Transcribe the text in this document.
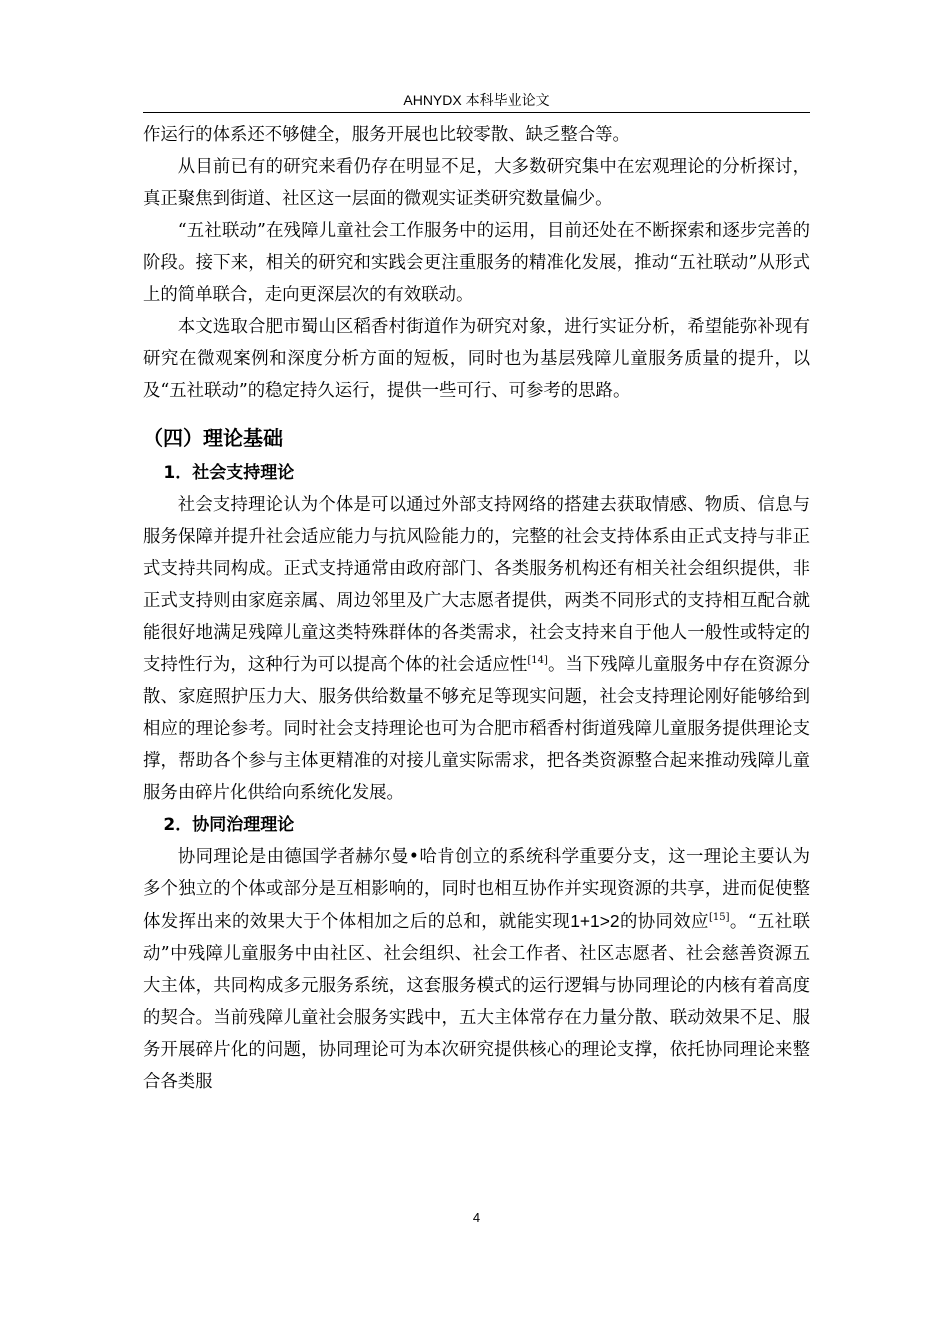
AHNYDX 本科毕业论文

作运行的体系还不够健全，服务开展也比较零散、缺乏整合等。

从目前已有的研究来看仍存在明显不足，大多数研究集中在宏观理论的分析探讨，真正聚焦到街道、社区这一层面的微观实证类研究数量偏少。

“五社联动”在残障儿童社会工作服务中的运用，目前还处在不断探索和逐步完善的阶段。接下来，相关的研究和实践会更注重服务的精准化发展，推动“五社联动”从形式上的简单联合，走向更深层次的有效联动。

本文选取合肥市蜀山区稻香村街道作为研究对象，进行实证分析，希望能弥补现有研究在微观案例和深度分析方面的短板，同时也为基层残障儿童服务质量的提升，以及“五社联动”的稳定持久运行，提供一些可行、可参考的思路。

（四）理论基础
1．社会支持理论

社会支持理论认为个体是可以通过外部支持网络的搭建去获取情感、物质、信息与服务保障并提升社会适应能力与抗风险能力的，完整的社会支持体系由正式支持与非正式支持共同构成。正式支持通常由政府部门、各类服务机构还有相关社会组织提供，非正式支持则由家庭亲属、周边邻里及广大志愿者提供，两类不同形式的支持相互配合就能很好地满足残障儿童这类特殊群体的各类需求，社会支持来自于他人一般性或特定的支持性行为，这种行为可以提高个体的社会适应性[14]。当下残障儿童服务中存在资源分散、家庭照护压力大、服务供给数量不够充足等现实问题，社会支持理论刚好能够给到相应的理论参考。同时社会支持理论也可为合肥市稻香村街道残障儿童服务提供理论支撑，帮助各个参与主体更精准的对接儿童实际需求，把各类资源整合起来推动残障儿童服务由碎片化供给向系统化发展。

2．协同治理理论

协同理论是由德国学者赫尔曼•哈肯创立的系统科学重要分支，这一理论主要认为多个独立的个体或部分是互相影响的，同时也相互协作并实现资源的共享，进而促使整体发挥出来的效果大于个体相加之后的总和，就能实现1+1>2的协同效应[15]。“五社联动”中残障儿童服务中由社区、社会组织、社会工作者、社区志愿者、社会慈善资源五大主体，共同构成多元服务系统，这套服务模式的运行逻辑与协同理论的内核有着高度的契合。当前残障儿童社会服务实践中，五大主体常存在力量分散、联动效果不足、服务开展碎片化的问题，协同理论可为本次研究提供核心的理论支撑，依托协同理论来整合各类服

4
